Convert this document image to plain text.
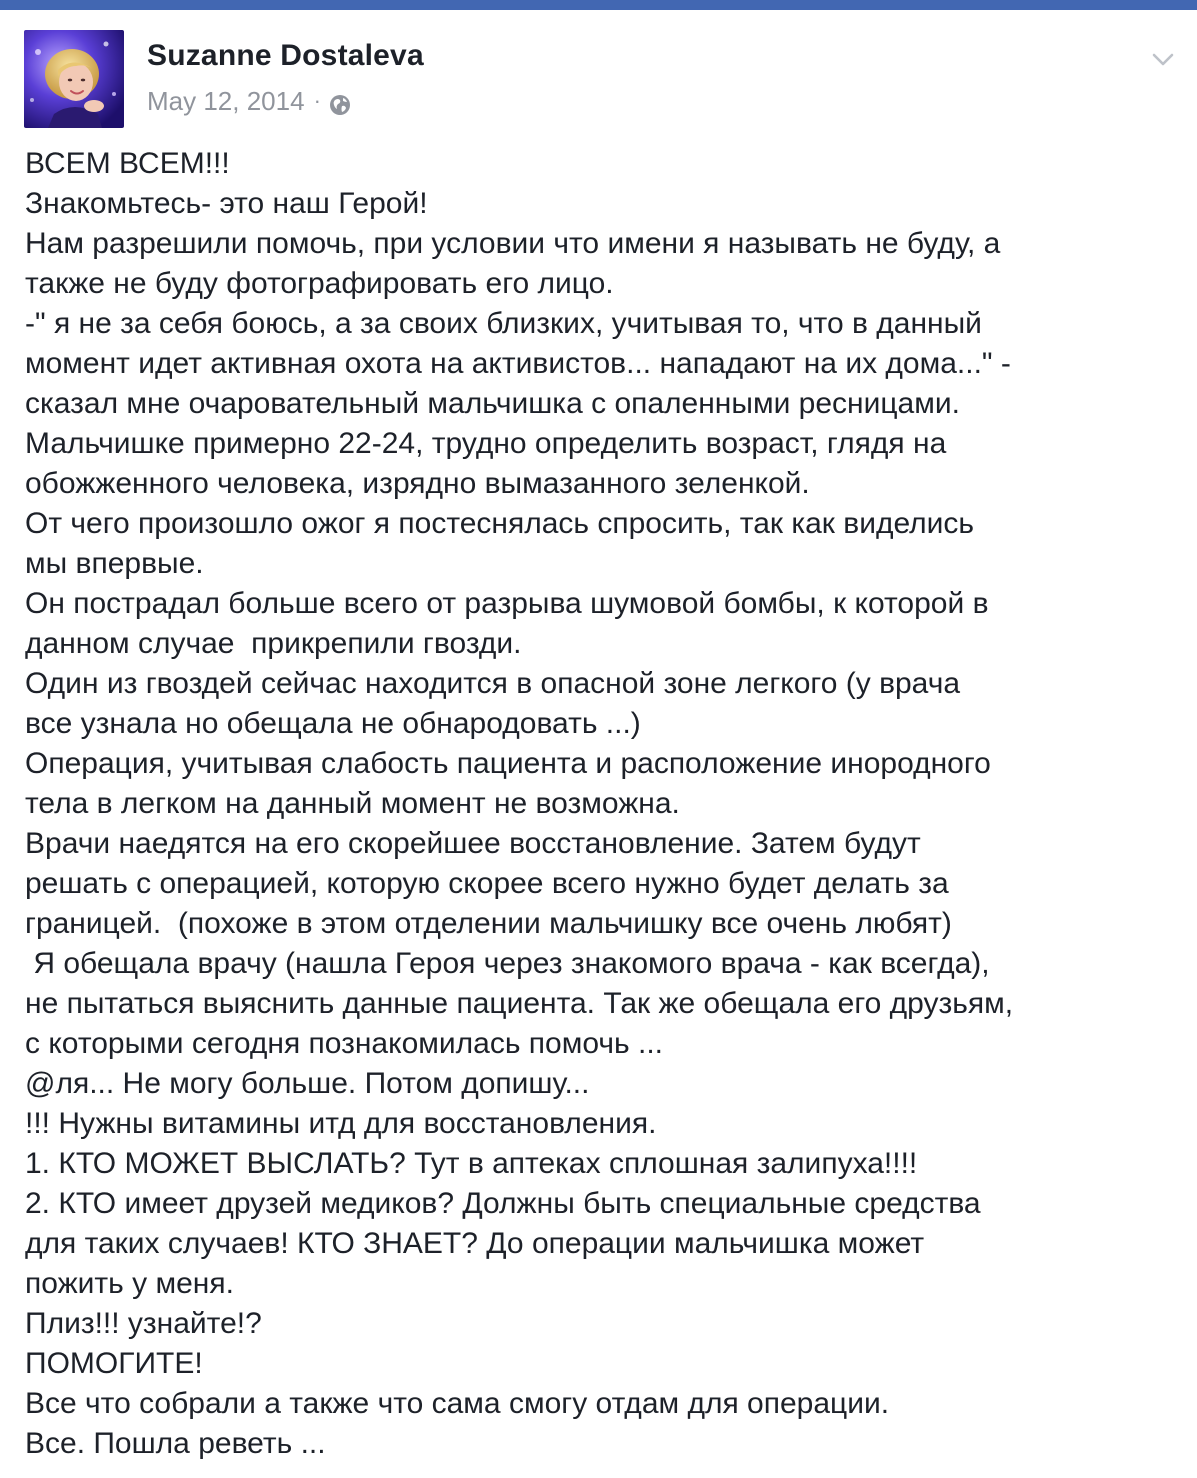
Suzanne Dostaleva
May 12, 2014 ·
ВСЕМ ВСЕМ!!!
Знакомьтесь- это наш Герой!
Нам разрешили помочь, при условии что имени я называть не буду, а
также не буду фотографировать его лицо.
-" я не за себя боюсь, а за своих близких, учитывая то, что в данный
момент идет активная охота на активистов... нападают на их дома..." -
сказал мне очаровательный мальчишка с опаленными ресницами.
Мальчишке примерно 22-24, трудно определить возраст, глядя на
обожженного человека, изрядно вымазанного зеленкой.
От чего произошло ожог я постеснялась спросить, так как виделись
мы впервые.
Он пострадал больше всего от разрыва шумовой бомбы, к которой в
данном случае  прикрепили гвозди.
Один из гвоздей сейчас находится в опасной зоне легкого (у врача
все узнала но обещала не обнародовать ...)
Операция, учитывая слабость пациента и расположение инородного
тела в легком на данный момент не возможна.
Врачи наедятся на его скорейшее восстановление. Затем будут
решать с операцией, которую скорее всего нужно будет делать за
границей.  (похоже в этом отделении мальчишку все очень любят)
Я обещала врачу (нашла Героя через знакомого врача - как всегда),
не пытаться выяснить данные пациента. Так же обещала его друзьям,
с которыми сегодня познакомилась помочь ...
@ля... Не могу больше. Потом допишу...
!!! Нужны витамины итд для восстановления.
1. КТО МОЖЕТ ВЫСЛАТЬ? Тут в аптеках сплошная залипуха!!!!
2. КТО имеет друзей медиков? Должны быть специальные средства
для таких случаев! КТО ЗНАЕТ? До операции мальчишка может
пожить у меня.
Плиз!!! узнайте!?
ПОМОГИТЕ!
Все что собрали а также что сама смогу отдам для операции.
Все. Пошла реветь ...
